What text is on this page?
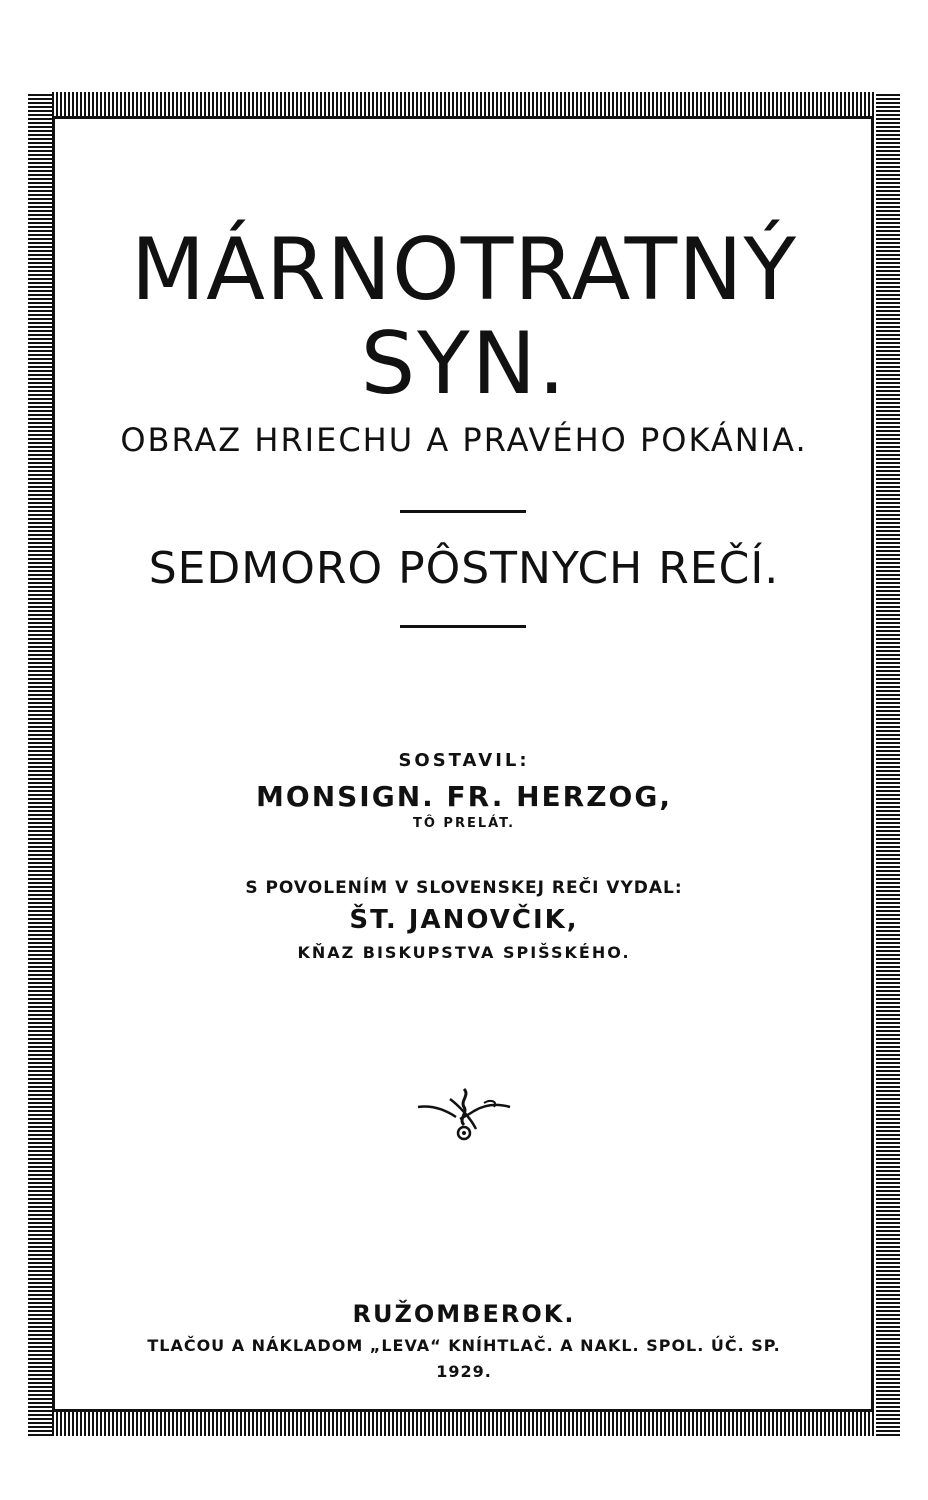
MÁRNOTRATNÝ
SYN.
OBRAZ HRIECHU A PRAVÉHO POKÁNIA.
SEDMORO PÔSTNYCH REČÍ.
SOSTAVIL:
MONSIGN. FR. HERZOG,
TÔ PRELÁT.
S POVOLENÍM V SLOVENSKEJ REČI VYDAL:
ŠT. JANOVČIK,
KŇAZ BISKUPSTVA SPIŠSKÉHO.
RUŽOMBEROK.
TLAČOU A NÁKLADOM „LEVA“ KNÍHTLAČ. A NAKL. SPOL. ÚČ. SP.
1929.
